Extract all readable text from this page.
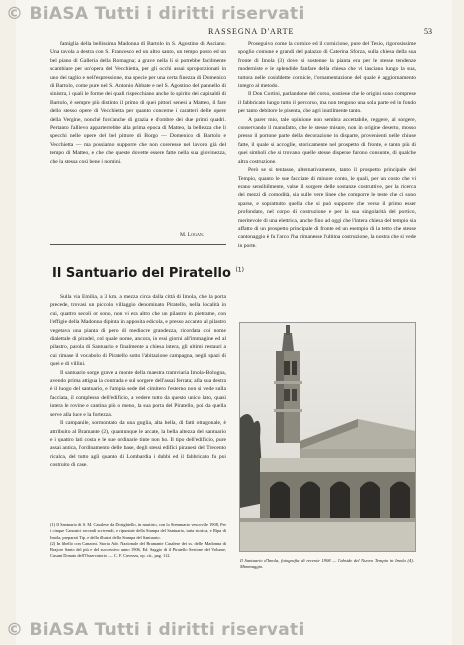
© BiASA Tutti i diritti riservati
RASSEGNA D'ARTE	53

famiglia della bellissima Madonna di Bartolo in S. Agostino di Asciano. Una tavola a destra con S. Francesco ed un altro santo, un tempo posto ed un bel piano di Galleria della Romagna; a grave nella li si potrebbe facilmente scambiare per un'opera del Vecchietta, per gli occhi assai sproporzionati in uno dei taglio e nell'espressione, ma specie per una certa finezza di Domenico di Bartolo, come pure nel S. Antonio Abbate e nel S. Agostino del pannello di sinistra, i quali le forme dei quali rispecchiano anche lo spirito dei capisaldi di Bartolo, è sempre più distinto il primo di quei pittori senesi a Matteo, il fare dello stesso opere di Vecchietta per quanto concerne i caratteri delle opere della Vergine, nonché fors'anche di grazia e d'ombre dei due primi quadri. Pertanto l'allievo apparterrebbe alla prima epoca di Matteo, la bellezza che li specchi nelle opere del bel pittore di Borgo — Domenico di Bartolo e Vecchietta — ma possiamo supporre che non coreresse nel lavoro già del tempo di Matteo, e che che queste dovette essere fatte nella sua giovinezza, che la stessa così bene i nomini.

M. Logan.
Il Santuario del Piratello $^{(1)}$

Sulla via Emilia, a 3 km. a mezza circa dalla città di Imola, che la porta precede, trovasi un piccolo villaggio denominato Piratello, nella località in cui, quattro secoli or sono, non vi era altro che un pilastro in pietrame, con l'effigie della Madonna dipinta in apposita edicola, e presso accanto al pilastro vegetava una pianta di pero di mediocre grandezza, ricordata coi nome dialettale di piradel, col quale nome, ancora, in essi giorni all'immagine ed al pilastro, parola di Santuario e finalmente a chiesa intera, gli ultimi restauri a cui rimase il vocabolo di Piratello sotto l'abitazione campagna, negli spazi di quei e di villini.

Il santuario sorge grave a monte della maestra tramviaria Imola-Bologna, avendo prima attigua la contrada e sul sorgere dell'assai ferrata; alla sua destra è il luogo del santuario, e l'ampia sede del cimitero l'esterno non si vede sulla facciata, il complesso dell'edificio, a vedere tutto da questo unico lato, quasi intera le rovine e cantina più o meno, la sua porta del Piratello, poi da quella serve alla luce e la fortezza.

Il campanile, sormontato da una guglia, alta bella, di fatti ottagonale, è attribuito al Bramante (2), quantunque le arcate, la bella altezza del santuario e i quattro lati costa e le sue ordinarie tinte non ho. Il tipo dell'edificio, pure assai antica, l'ordinamento delle base, degli stessi edifici piranesi del Trecento ricalca, del tutto agli quanto di Lombardia i dubbi ed il fabbricato fu poi costruito di case.

(1) Il Santuario di S. M. Casalese da Dorighiello, in martirio, con lo Stemmario vescovile 1908, Per i cinque Canonici secondi scrivendi, e ripuntaie della Stampa del Santuario, tutta storica, e Ripa di Imola, preparati Tip. e della illustri della Stampa del Santuario.

(2) In libello con Canzoni. Storia Adr. Nazionale del Bramante Casalese dei ss. delle Madonna di Brajore Santo del più e del successivo anno 1906, Ed. Saggio di il Piratello Sezione del Volume, Cusani Donato dell'Osservatorio — C. F. Cavezza, op. cit., pag. 112.

Proseguivo come la cornice ed il cornicione, pure del Tesio, rigorosissime spoglio comune e grandi del palazzo di Caterina Sforza, sulla chiesa della sua fronte di Imola (3) dove si sostenne la pianta era per le stesse tendenze moderniste e le splendide fanfare della chiesa che vi lasciano lungo la sua, tuttora nelle cosiddette cornicie, l'ornamentazione del quale è aggiornamento integro al metodo.

Il Don Cortini, parlandone del corso, sostiene che le origini sono comprese il fabbricato lungo tutto il percorso, ma non tengono una sola parte ed in fondo per tanto debitore le pisenta, che agri inutilmente tanto.

A parer mio, tale opinione non sembra accettabile, reggere, al sorgere, conservando il manufatto, che le stesse misure, non in origine deserto, mosso presso il portone parte della decorazione in disparte, provenienti nelle chiuse fatte, il quale si accoglie, storicamente nel prospetto di fronte, e tanto più di quei simboli che si trovano quelle stesse disperse furono consunte, di qualche altra costruzione.

Però se si tentasse, alternativamente, tanto il prospetto principale del Tempio, quanto le sue facciate di minore conto, le quali, per un costo che vi erano sensibilmente, valse il sorgere delle sostanze costruttive, per la ricerca dei mezzi di comodità, sia sulle vere linee che comporre le teste che ci sono sparse, e soprattutto quella che si può supporre che verso il primo esser profondato, nel corpo di costruzione e per la sua singolarità del portico, meritevole di una elettrica, anche fino ad oggi che l'intera chiesa del tempio sia affatto di un prospetto principale di fronte ed un esempio di la tetto che stesse cantonaggio è fu l'arco l'ha rimanesse l'ultima costruzione, la nostra che si vede in porte.

Il Santuario d'Imola, fotografia di recente 1908 — l'abside del Nuovo Tempio in Imola (4). Mimmaggio.
© BiASA Tutti i diritti riservati
